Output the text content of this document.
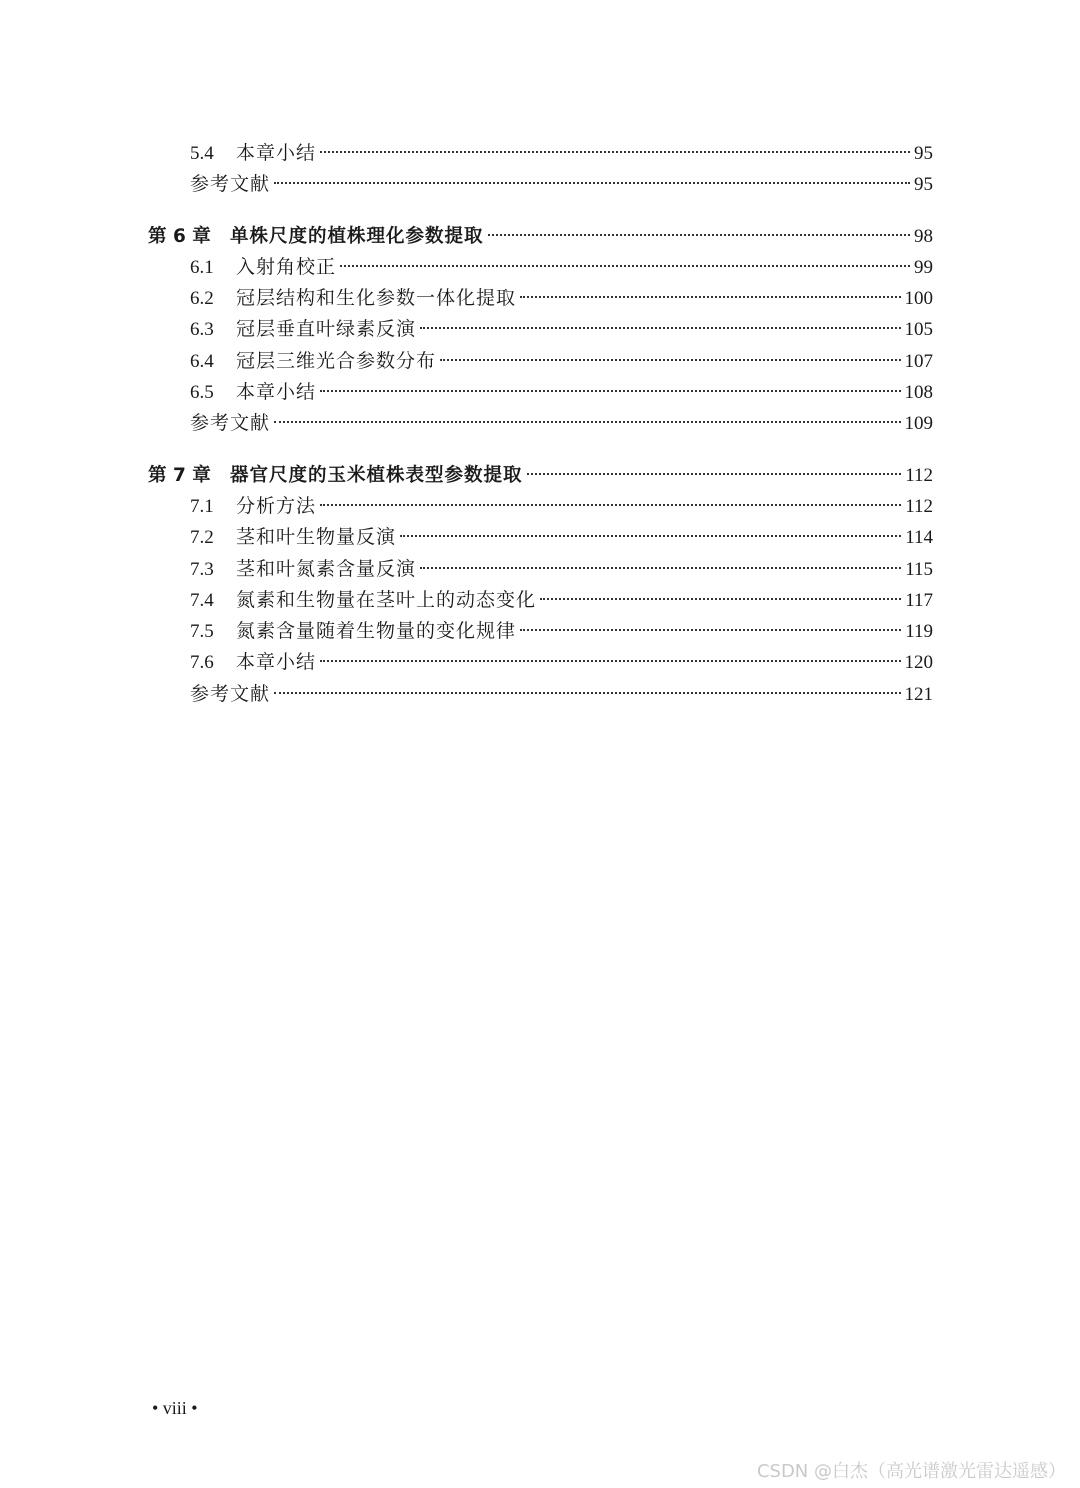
5.4	本章小结	95
参考文献	95
第 6 章	单株尺度的植株理化参数提取	98
6.1	入射角校正	99
6.2	冠层结构和生化参数一体化提取	100
6.3	冠层垂直叶绿素反演	105
6.4	冠层三维光合参数分布	107
6.5	本章小结	108
参考文献	109
第 7 章	器官尺度的玉米植株表型参数提取	112
7.1	分析方法	112
7.2	茎和叶生物量反演	114
7.3	茎和叶氮素含量反演	115
7.4	氮素和生物量在茎叶上的动态变化	117
7.5	氮素含量随着生物量的变化规律	119
7.6	本章小结	120
参考文献	121
• viii •
CSDN @白杰（高光谱激光雷达遥感）
